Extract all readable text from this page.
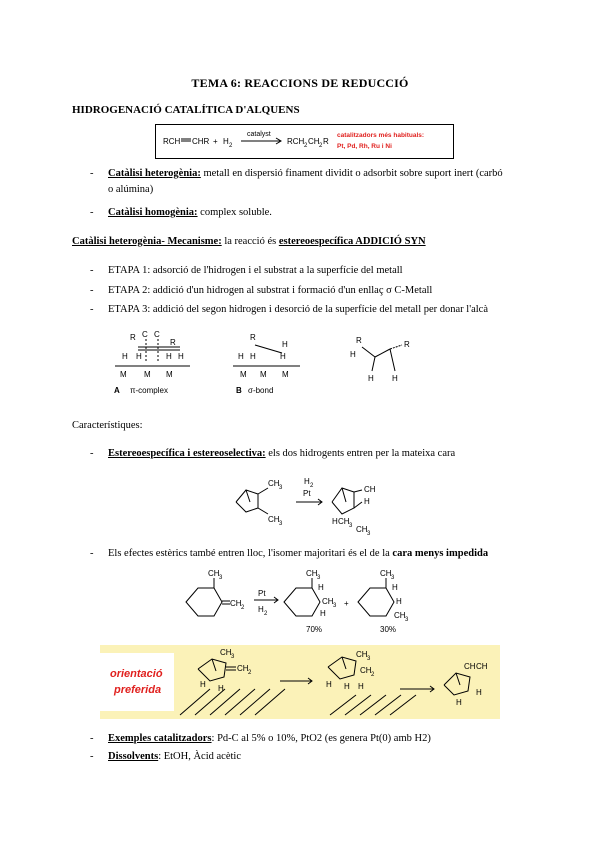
TEMA 6: REACCIONS DE REDUCCIÓ
HIDROGENACIÓ CATALÍTICA D'ALQUENS
RCH CHR + H 2
catalyst
RCH 2 CH 2 R
catalitzadors més habituals:
Pt, Pd, Rh, Ru i Ni
- Catàlisi heterogènia: metall en dispersió finament dividit o adsorbit sobre suport inert (carbó
o alúmina)
- Catàlisi homogènia: complex soluble.
Catàlisi heterogènia- Mecanisme: la reacció és estereoespecífica ADDICIÓ SYN
- ETAPA 1: adsorció de l'hidrogen i el substrat a la superfície del metall
- ETAPA 2: addició d'un hidrogen al substrat i formació d'un enllaç σ C-Metall
- ETAPA 3: addició del segon hidrogen i desorció de la superfície del metall per donar l'alcà
R C C
R
H H	H H
M M M
A π-complex
R
H
H H	H
M M M
B σ-bond
R
H
R
H H
Característiques:
- Estereoespecífica i estereoselectiva: els dos hidrogents entren per la mateixa cara
CH 3
CH 3
H 2
Pt	CH
H
H CH 3 CH 3
- Els efectes estèrics també entren lloc, l'isomer majoritari és el de la cara menys impedida
CH 3
CH 2
Pt
H 2
CH 3
H
CH 3
H
70%
+
CH 3
H
H
CH 3
30%
orientació
preferida
CH 3
CH 2
H H
CH 3
CH 2
H H H
CH CH
H
H
- Exemples catalitzadors: Pd-C al 5% o 10%, PtO2 (es genera Pt(0) amb H2)
- Dissolvents: EtOH, Àcid acètic
